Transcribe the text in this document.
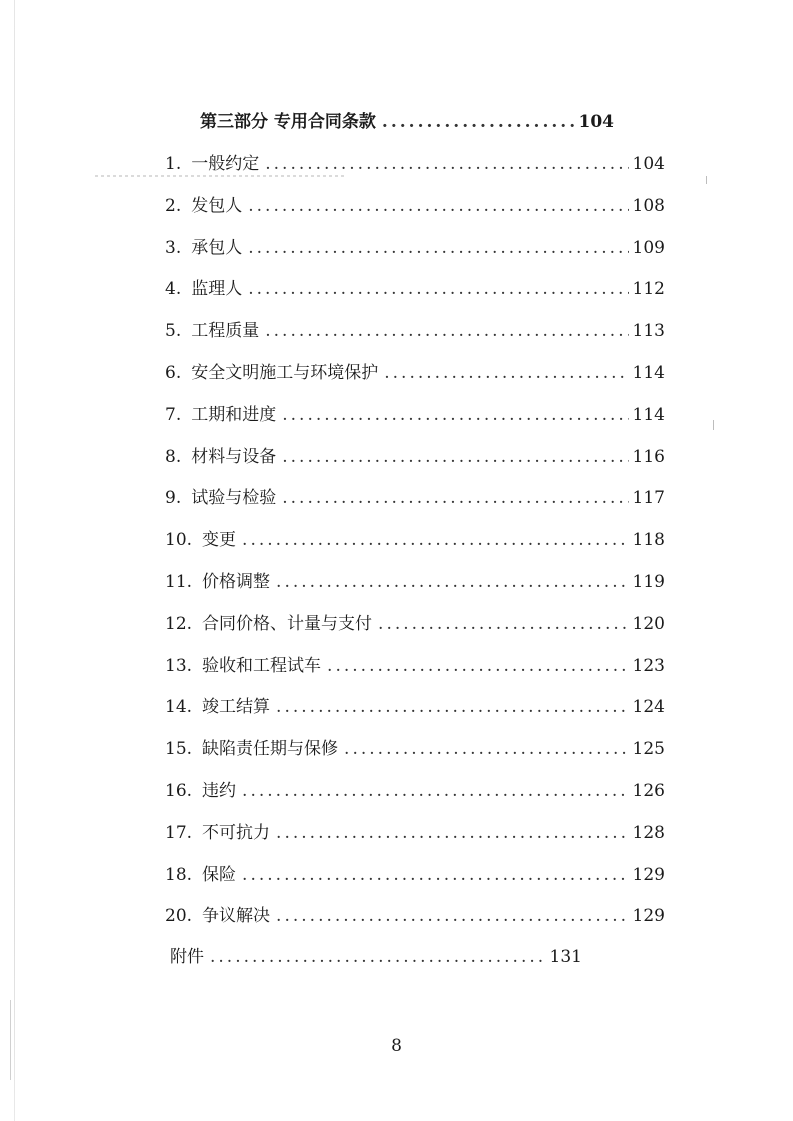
第三部分 专用合同条款 .....	104
1. 一般约定 .....	104
2. 发包人 .....	108
3. 承包人 .....	109
4. 监理人 .....	112
5. 工程质量 .....	113
6. 安全文明施工与环境保护 .....	114
7. 工期和进度 .....	114
8. 材料与设备 .....	116
9. 试验与检验 .....	117
10. 变更 .....	118
11. 价格调整 .....	119
12. 合同价格、计量与支付 .....	120
13. 验收和工程试车 .....	123
14. 竣工结算 .....	124
15. 缺陷责任期与保修 .....	125
16. 违约 .....	126
17. 不可抗力 .....	128
18. 保险 .....	129
20. 争议解决 .....	129
附件 .....	131
8
